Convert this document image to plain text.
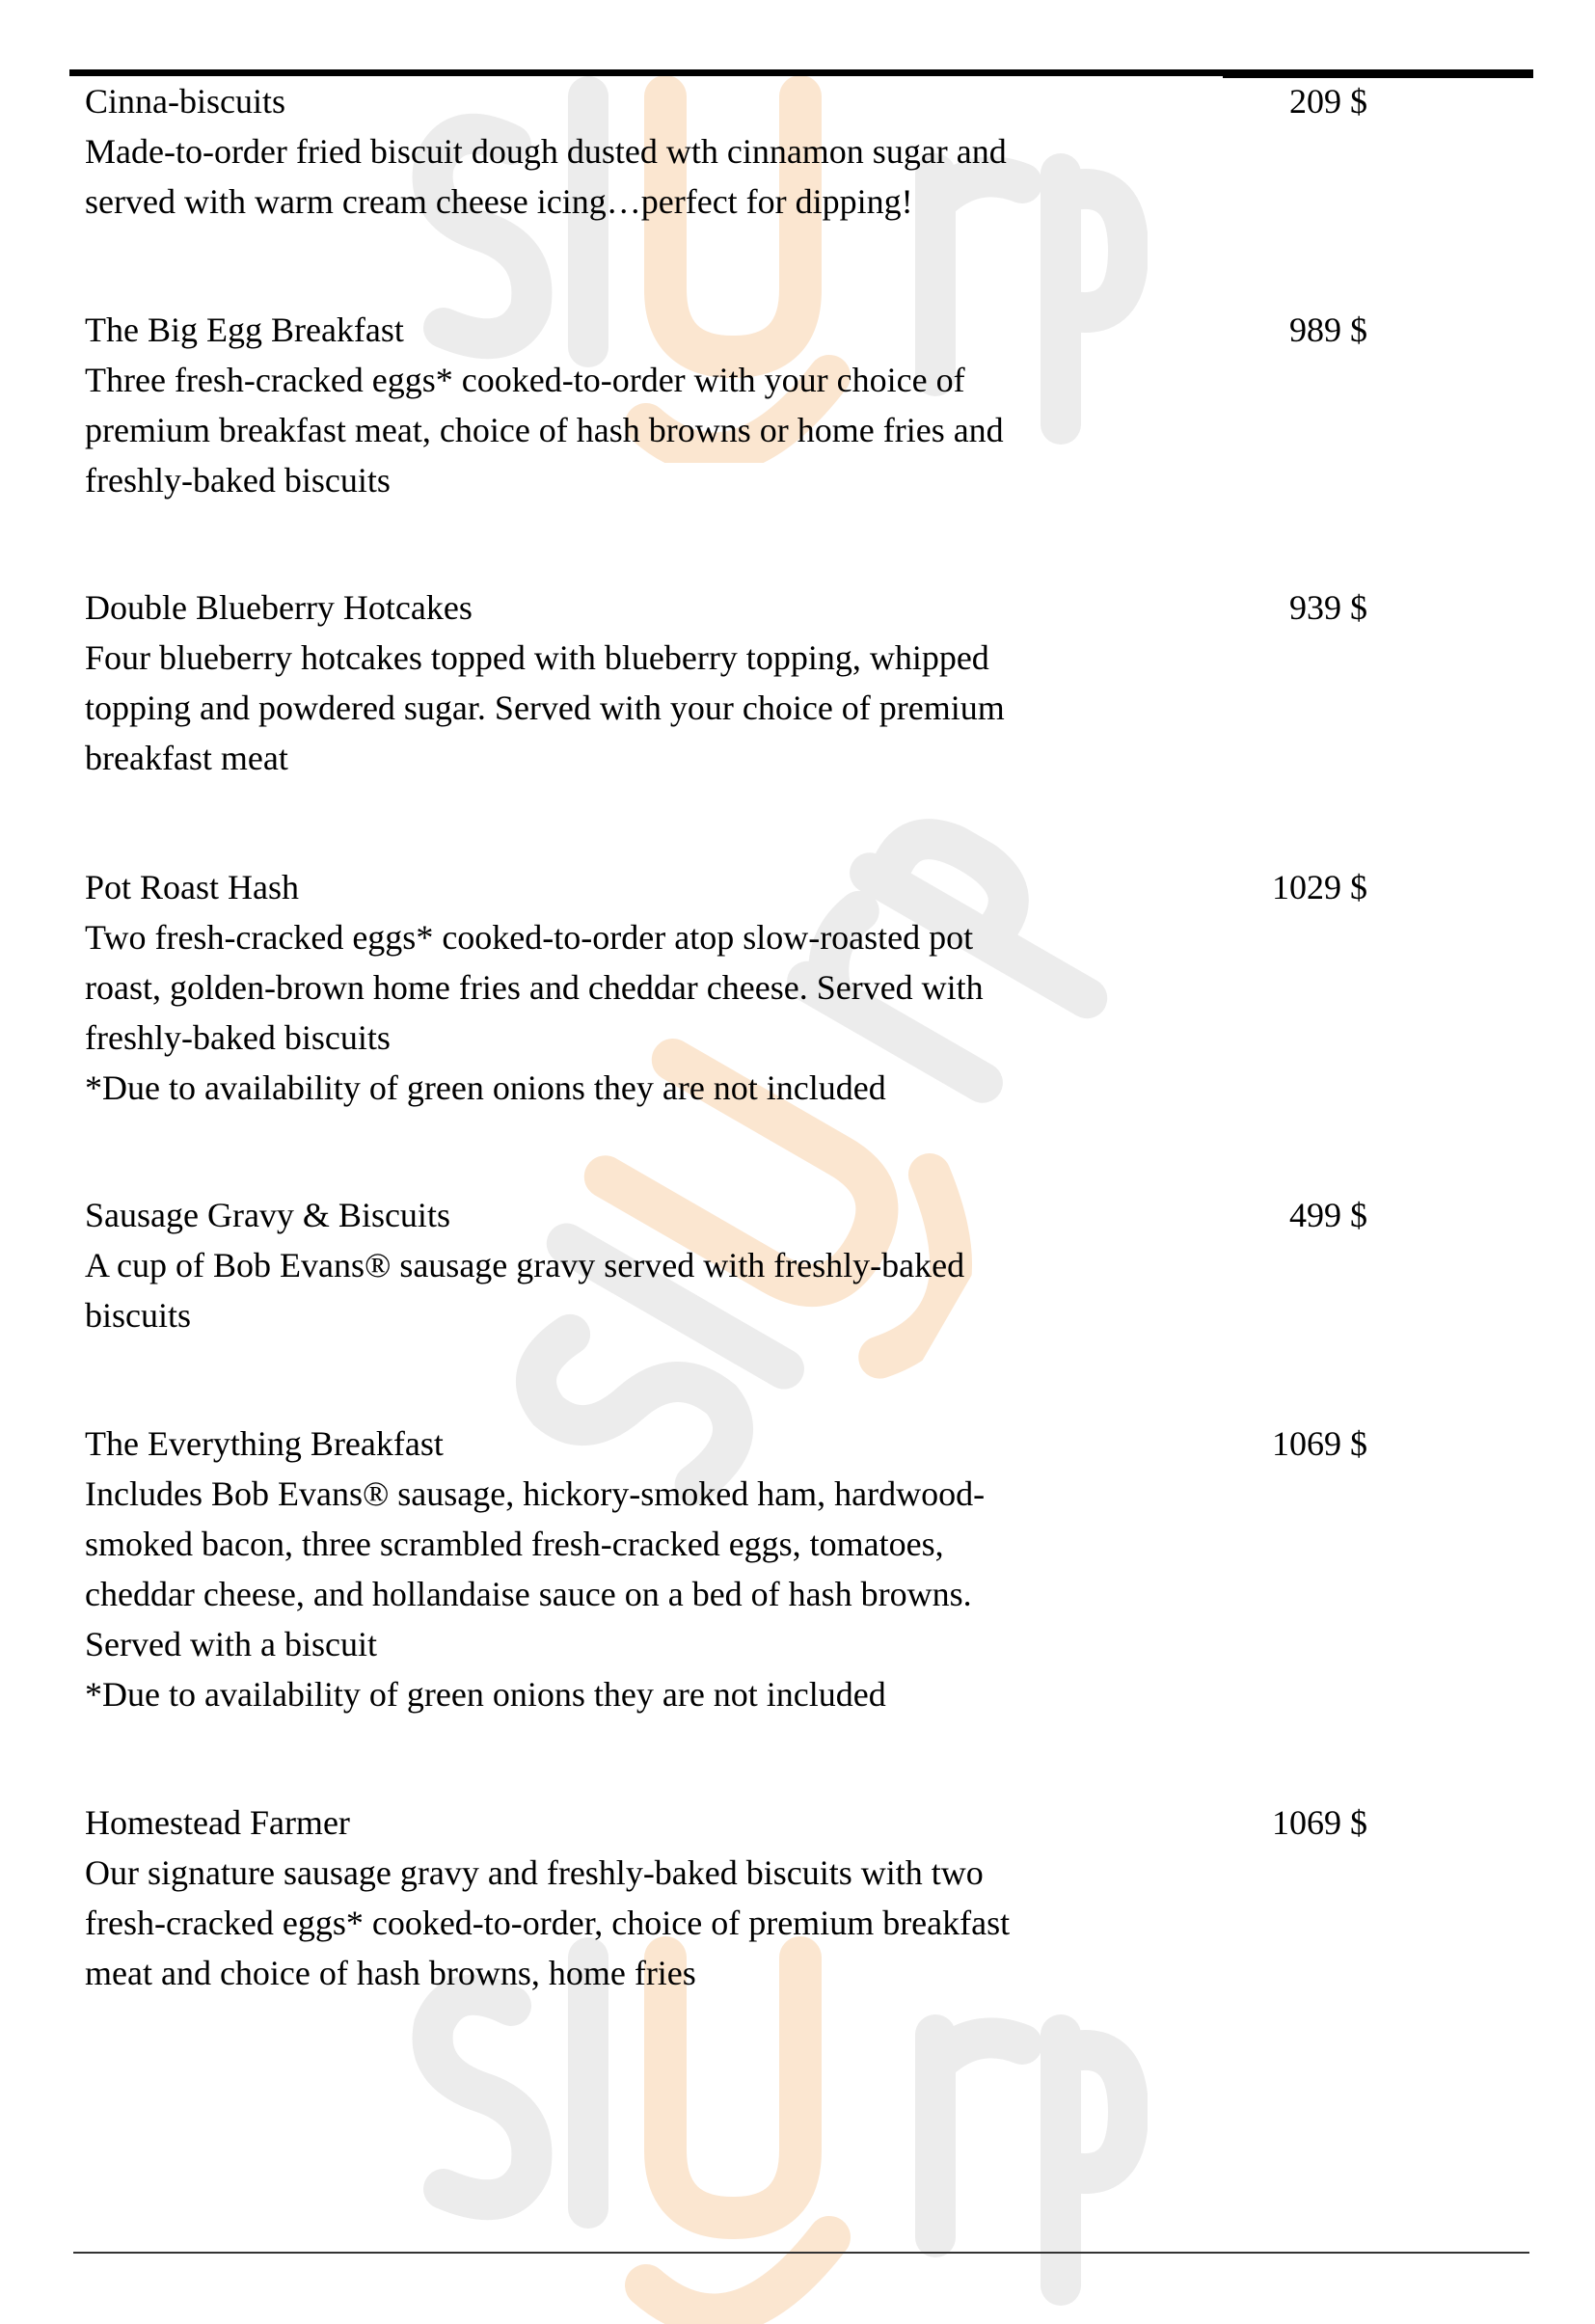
Cinna-biscuits	209 $
Made-to-order fried biscuit dough dusted wth cinnamon sugar and
served with warm cream cheese icing…perfect for dipping!
The Big Egg Breakfast	989 $
Three fresh-cracked eggs* cooked-to-order with your choice of
premium breakfast meat, choice of hash browns or home fries and
freshly-baked biscuits
Double Blueberry Hotcakes	939 $
Four blueberry hotcakes topped with blueberry topping, whipped
topping and powdered sugar. Served with your choice of premium
breakfast meat
Pot Roast Hash	1029 $
Two fresh-cracked eggs* cooked-to-order atop slow-roasted pot
roast, golden-brown home fries and cheddar cheese. Served with
freshly-baked biscuits
*Due to availability of green onions they are not included
Sausage Gravy & Biscuits	499 $
A cup of Bob Evans® sausage gravy served with freshly-baked
biscuits
The Everything Breakfast	1069 $
Includes Bob Evans® sausage, hickory-smoked ham, hardwood-
smoked bacon, three scrambled fresh-cracked eggs, tomatoes,
cheddar cheese, and hollandaise sauce on a bed of hash browns.
Served with a biscuit
*Due to availability of green onions they are not included
Homestead Farmer	1069 $
Our signature sausage gravy and freshly-baked biscuits with two
fresh-cracked eggs* cooked-to-order, choice of premium breakfast
meat and choice of hash browns, home fries
